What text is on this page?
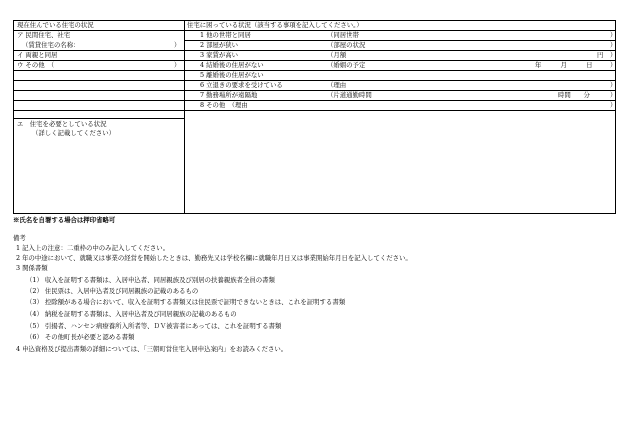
現在住んでいる住宅の状況
ア 民間住宅、社宅
（賃貸住宅の名称：	）
イ 両親と同居
ウ その他　（	）
エ　住宅を必要としている状況
（詳しく記載してください）
住宅に困っている状況（該当する事項を記入してください。）
1 他の世帯と同居	（同居世帯	）
2 部屋が狭い	（部屋の状況	）
3 家賃が高い	（月額	円 ）
4 結婚後の住居がない	（婚姻の予定	年　　　月　　　日	）
5 離婚後の住居がない
6 立退きの要求を受けている	（理由	）
7 勤務場所が遠隔地	（片道通勤時間	時間　　分	）
8 その他　（理由	）
※氏名を自署する場合は押印省略可
備考
1 記入上の注意：二重枠の中のみ記入してください。
2 年の中途において、就職又は事業の経営を開始したときは、勤務先又は学校名欄に就職年月日又は事業開始年月日を記入してください。
3 関係書類
（1） 収入を証明する書類は、入居申込者、同居親族及び別居の扶養親族者全員の書類
（2） 住民票は、入居申込者及び同居親族の記載のあるもの
（3） 控除額がある場合において、収入を証明する書類又は住民票で証明できないときは、これを証明する書類
（4） 納税を証明する書類は、入居申込者及び同居親族の記載のあるもの
（5） 引揚者、ハンセン病療養所入所者等、ＤＶ被害者にあっては、これを証明する書類
（6） その他町長が必要と認める書類
4 申込資格及び提出書類の詳細については、「三朝町営住宅入居申込案内」をお読みください。
